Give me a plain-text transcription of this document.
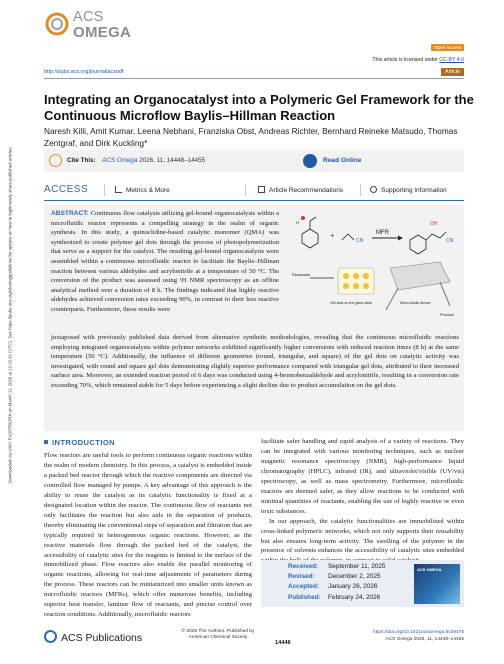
Downloaded via UNIV PADERBORN on March 11, 2026 at 12:15:41 (UTC). See https://pubs.acs.org/sharingguidelines for options on how to legitimately share published articles.
ACS
OMEGA
Open Access
This article is licensed under CC-BY 4.0
http://pubs.acs.org/journal/acsodf	Article
Integrating an Organocatalyst into a Polymeric Gel Framework for the Continuous Microflow Baylis–Hillman Reaction
Naresh Killi, Amit Kumar, Leena Nebhani, Franziska Obst, Andreas Richter, Bernhard Reineke Matsudo, Thomas Zentgraf, and Dirk Kuckling*
Cite This: ACS Omega 2026, 11, 14448–14455	Read Online
ACCESS	Metrics & More	Article Recommendations	Supporting Information
ABSTRACT: Continuous flow catalysis utilizing gel-bound organocatalysts within a microfluidic reactor represents a compelling strategy in the realm of organic synthesis. In this study, a quinuclidine-based catalytic monomer (QMA) was synthesized to create polymer gel dots through the process of photopolymerization that serve as a support for the catalyst. The resulting gel-bound organocatalysts were assembled within a continuous microfluidic reactor to facilitate the Baylis–Hillman reaction between various aldehydes and acrylonitrile at a temperature of 50 °C. The conversion of the product was assessed using ¹H NMR spectroscopy as an offline analytical method over a duration of 8 h. The findings indicated that highly reactive aldehydes achieved conversion rates exceeding 90%, in contrast to their less reactive counterparts. Furthermore, these results were
+
CN
MFR
OH
CN
H
Gel dots on the glass slide	Micro-fluidic device
Reactants
Product
juxtaposed with previously published data derived from alternative synthetic methodologies, revealing that the continuous microfluidic reactions employing integrated organocatalysts within polymer networks exhibited significantly higher conversions with reduced reaction times (8 h) at the same temperature (50 °C). Additionally, the influence of different geometries (round, triangular, and square) of the gel dots on catalytic activity was investigated, with round and square gel dots demonstrating slightly superior performance compared with triangular gel dots, attributed to their increased surface area. Moreover, an extended reaction period of 6 days was conducted using 4-bromobenzaldehyde and acrylonitrile, resulting in a conversion rate exceeding 70%, which remained stable for 5 days before experiencing a slight decline due to product accumulation on the gel dots.
INTRODUCTION
Flow reactors are useful tools to perform continuous organic reactions within the realm of modern chemistry. In this process, a catalyst is embedded inside a packed bed reactor through which the reactive components are directed via controlled flow managed by pumps. A key advantage of this approach is the ability to reuse the catalyst as its catalytic functionality is fixed at a designated location within the reactor. The continuous flow of reactants not only facilitates the reaction but also aids in the separation of products, thereby eliminating the conventional steps of separation and filtration that are typically required in heterogeneous organic reactions. However, as the reactive materials flow through the packed bed of the catalyst, the accessibility of catalytic sites for the reagents is limited to the surface of the immobilized phase. Flow reactors also enable the parallel monitoring of organic reactions, allowing for real-time adjustments of parameters during the process. These reactors can be miniaturized into smaller units known as microfluidic reactors (MFRs), which offer numerous benefits, including superior heat transfer, laminar flow of reactants, and precise control over reaction conditions. Additionally, microfluidic reactors

facilitate safer handling and rapid analysis of a variety of reactions. They can be integrated with various monitoring techniques, such as nuclear magnetic resonance spectroscopy (NMR), high-performance liquid chromatography (HPLC), infrared (IR), and ultraviolet/visible (UV/vis) spectroscopy, as well as mass spectrometry. Furthermore, microfluidic reactors are deemed safer, as they allow reactions to be conducted with minimal quantities of reactants, enabling the use of highly reactive or even toxic substances.

In our approach, the catalytic functionalities are immobilized within cross-linked polymeric networks, which not only supports their reusability but also ensures long-term activity. The swelling of the polymer in the presence of solvents enhances the accessibility of catalytic sites embedded

Received: September 11, 2025
Revised: December 2, 2025
Accepted: January 26, 2026
Published: February 24, 2026
ACS OMEGA
ACS Publications
© 2026 The Authors. Published by
American Chemical Society
14448
https://doi.org/10.1021/acsomega.5c09476
ACS Omega 2026, 11, 14448–14455
